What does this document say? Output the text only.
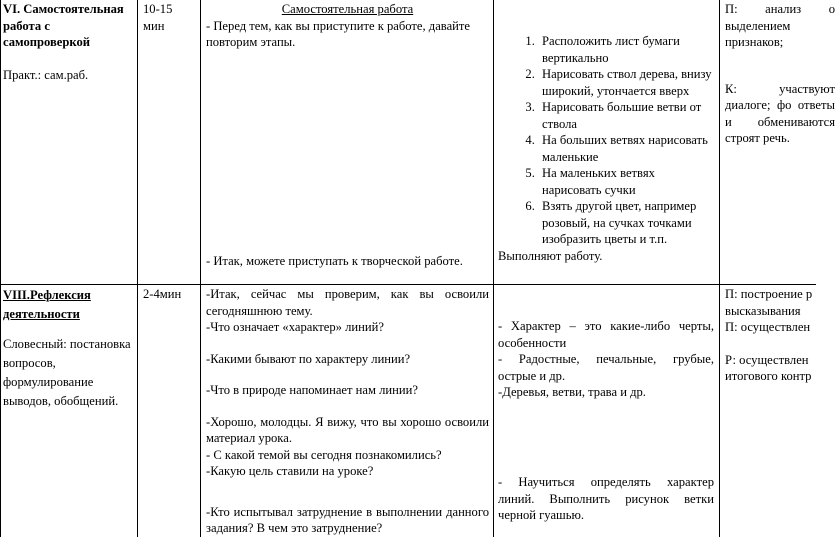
VI. Самостоятельная работа с самопроверкой
Практ.: сам.раб.
10-15 мин
Самостоятельная работа
- Перед тем, как вы приступите к работе, давайте повторим этапы.
- Итак, можете приступать к творческой работе.
1. Расположить лист бумаги вертикально
2. Нарисовать ствол дерева, внизу широкий, утончается вверх
3. Нарисовать большие ветви от ствола
4. На больших ветвях нарисовать маленькие
5. На маленьких ветвях нарисовать сучки
6. Взять другой цвет, например розовый, на сучках точками изобразить цветы и т.п.
Выполняют работу.
П: анализ о выделением признаков;
К: участвуют диалоге; фо ответы и обмениваются строят речь.
VIII.Рефлексия деятельности
Словесный: постановка вопросов, формулирование выводов, обобщений.
2-4мин	-Итак, сейчас мы проверим, как вы освоили сегодняшнюю тему.
-Что означает «характер» линий?
-Какими бывают по характеру линии?
-Что в природе напоминает нам линии?
-Хорошо, молодцы. Я вижу, что вы хорошо освоили материал урока.
- С какой темой вы сегодня познакомились?
-Какую цель ставили на уроке?
-Кто испытывал затруднение в выполнении данного задания? В чем это затруднение?
- Характер – это какие-либо черты, особенности
- Радостные, печальные, грубые, острые и др.
-Деревья, ветви, трава и др.
- Научиться определять характер линий. Выполнить рисунок ветки черной гуашью.
П: построение р высказывания
П: осуществлен
Р: осуществлен итогового контр
